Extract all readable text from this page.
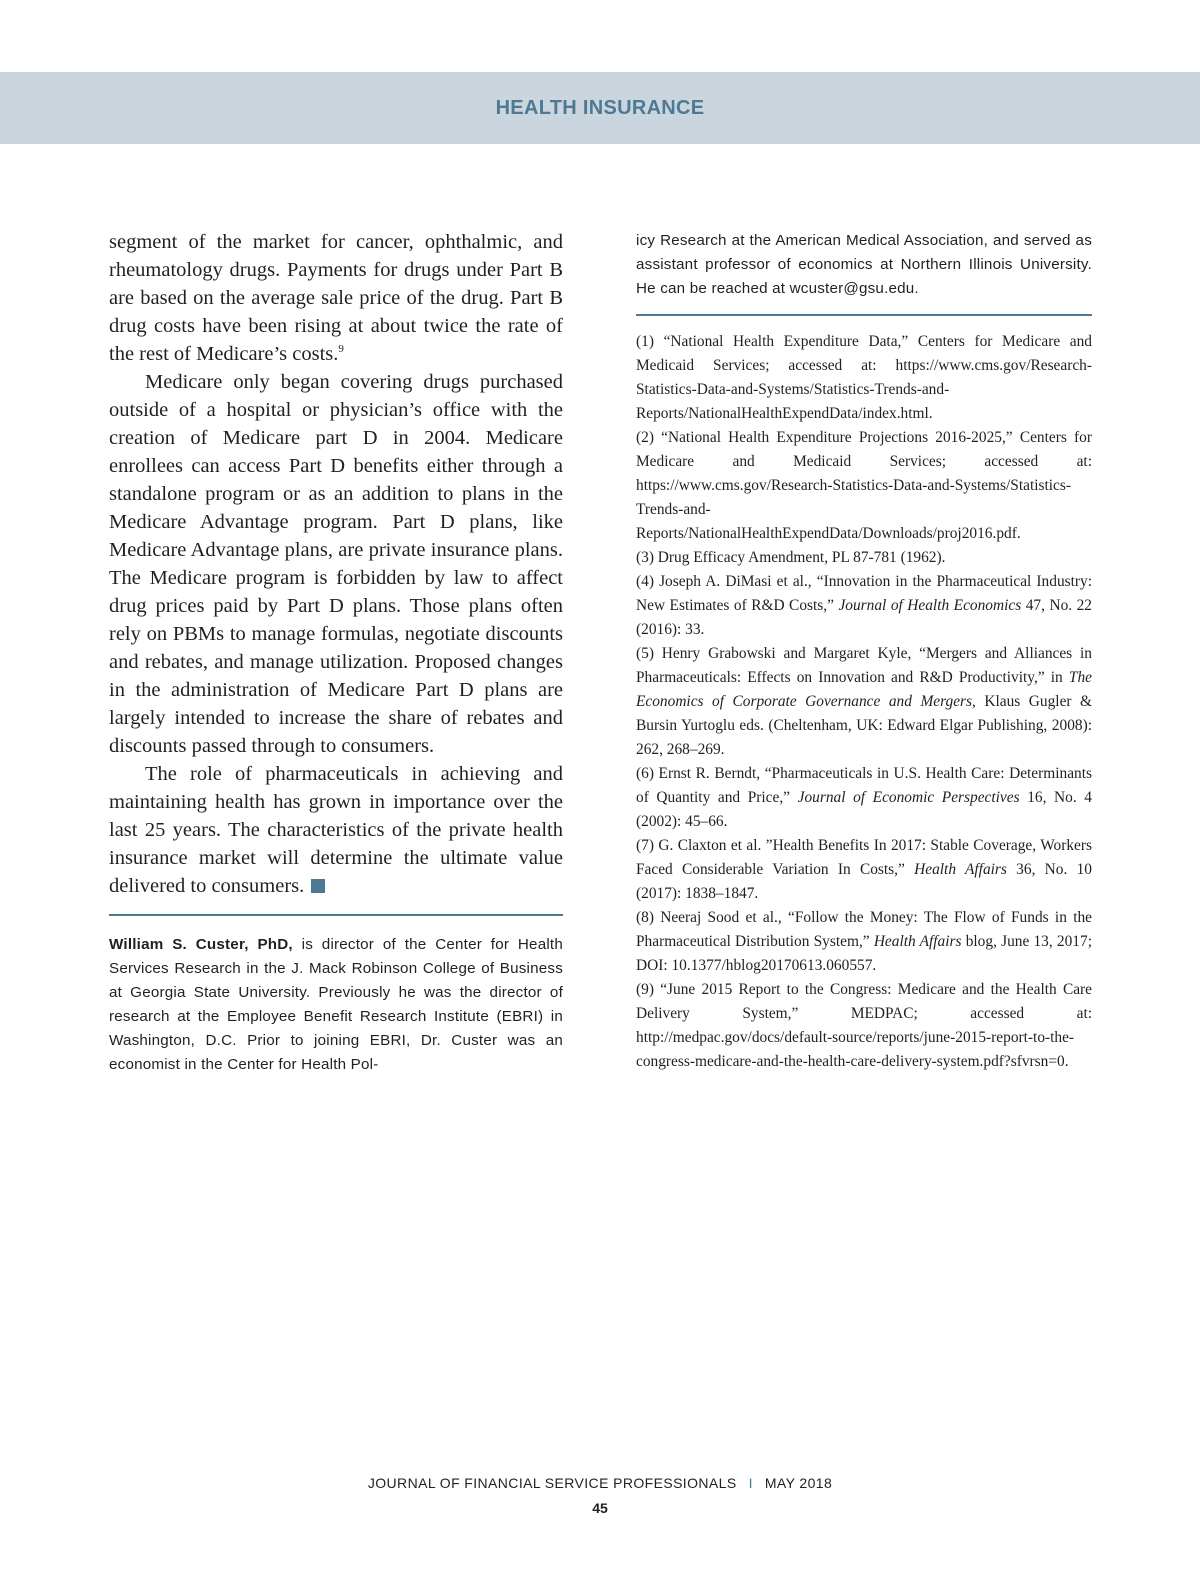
HEALTH INSURANCE

segment of the market for cancer, ophthalmic, and rheumatology drugs. Payments for drugs under Part B are based on the average sale price of the drug. Part B drug costs have been rising at about twice the rate of the rest of Medicare’s costs.$^9$

Medicare only began covering drugs purchased outside of a hospital or physician’s office with the creation of Medicare part D in 2004. Medicare enrollees can access Part D benefits either through a standalone program or as an addition to plans in the Medicare Advantage program. Part D plans, like Medicare Advantage plans, are private insurance plans. The Medicare program is forbidden by law to affect drug prices paid by Part D plans. Those plans often rely on PBMs to manage formulas, negotiate discounts and rebates, and manage utilization. Proposed changes in the administration of Medicare Part D plans are largely intended to increase the share of rebates and discounts passed through to consumers.

The role of pharmaceuticals in achieving and maintaining health has grown in importance over the last 25 years. The characteristics of the private health insurance market will determine the ultimate value delivered to consumers.

William S. Custer, PhD, is director of the Center for Health Services Research in the J. Mack Robinson College of Business at Georgia State University. Previously he was the director of research at the Employee Benefit Research Institute (EBRI) in Washington, D.C. Prior to joining EBRI, Dr. Custer was an economist in the Center for Health Pol-

icy Research at the American Medical Association, and served as assistant professor of economics at Northern Illinois University. He can be reached at wcuster@gsu.edu.

(1) “National Health Expenditure Data,” Centers for Medicare and Medicaid Services; accessed at: https://www.cms.gov/Research-Statistics-Data-and-Systems/Statistics-Trends-and-Reports/NationalHealthExpendData/index.html.
(2) “National Health Expenditure Projections 2016-2025,” Centers for Medicare and Medicaid Services; accessed at: https://www.cms.gov/Research-Statistics-Data-and-Systems/Statistics-Trends-and-Reports/NationalHealthExpendData/Downloads/proj2016.pdf.
(3) Drug Efficacy Amendment, PL 87-781 (1962).
(4) Joseph A. DiMasi et al., “Innovation in the Pharmaceutical Industry: New Estimates of R&D Costs,” Journal of Health Economics 47, No. 22 (2016): 33.
(5) Henry Grabowski and Margaret Kyle, “Mergers and Alliances in Pharmaceuticals: Effects on Innovation and R&D Productivity,” in The Economics of Corporate Governance and Mergers, Klaus Gugler & Bursin Yurtoglu eds. (Cheltenham, UK: Edward Elgar Publishing, 2008): 262, 268–269.
(6) Ernst R. Berndt, “Pharmaceuticals in U.S. Health Care: Determinants of Quantity and Price,” Journal of Economic Perspectives 16, No. 4 (2002): 45–66.
(7) G. Claxton et al. ”Health Benefits In 2017: Stable Coverage, Workers Faced Considerable Variation In Costs,” Health Affairs 36, No. 10 (2017): 1838–1847.
(8) Neeraj Sood et al., “Follow the Money: The Flow of Funds in the Pharmaceutical Distribution System,” Health Affairs blog, June 13, 2017; DOI: 10.1377/hblog20170613.060557.
(9) “June 2015 Report to the Congress: Medicare and the Health Care Delivery System,” MEDPAC; accessed at: http://medpac.gov/docs/default-source/reports/june-2015-report-to-the-congress-medicare-and-the-health-care-delivery-system.pdf?sfvrsn=0.
JOURNAL OF FINANCIAL SERVICE PROFESSIONALS I MAY 2018
45
